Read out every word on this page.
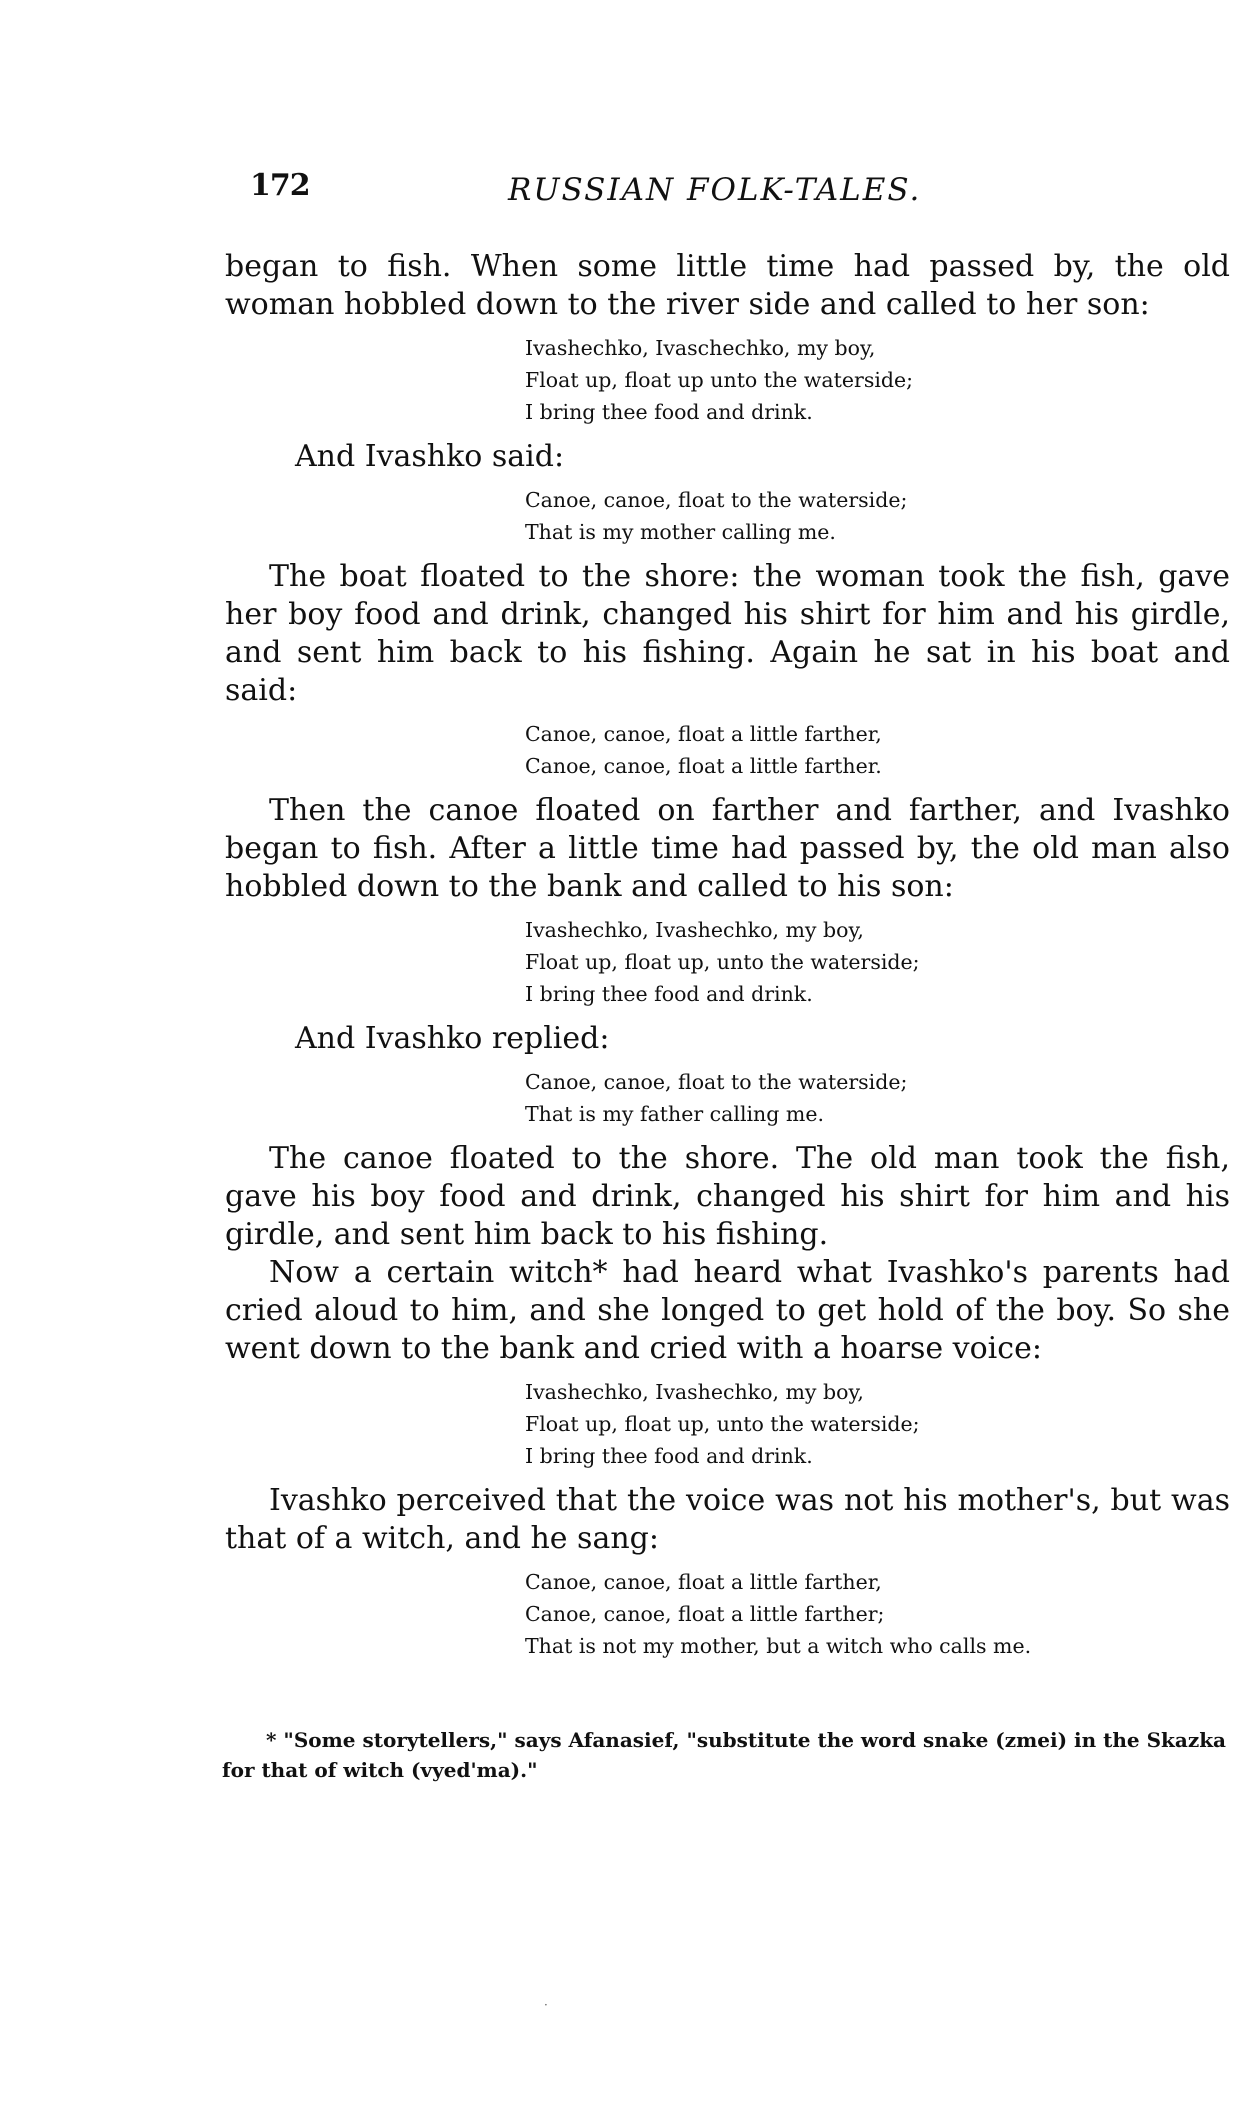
172	RUSSIAN FOLK-TALES.

began to fish. When some little time had passed by, the old woman hobbled down to the river side and called to her son:

Ivashechko, Ivaschechko, my boy,
Float up, float up unto the waterside;
I bring thee food and drink.

And Ivashko said:

Canoe, canoe, float to the waterside;
That is my mother calling me.

The boat floated to the shore: the woman took the fish, gave her boy food and drink, changed his shirt for him and his girdle, and sent him back to his fishing. Again he sat in his boat and said:

Canoe, canoe, float a little farther,
Canoe, canoe, float a little farther.

Then the canoe floated on farther and farther, and Ivashko began to fish. After a little time had passed by, the old man also hobbled down to the bank and called to his son:

Ivashechko, Ivashechko, my boy,
Float up, float up, unto the waterside;
I bring thee food and drink.

And Ivashko replied:

Canoe, canoe, float to the waterside;
That is my father calling me.

The canoe floated to the shore. The old man took the fish, gave his boy food and drink, changed his shirt for him and his girdle, and sent him back to his fishing.

Now a certain witch* had heard what Ivashko's parents had cried aloud to him, and she longed to get hold of the boy. So she went down to the bank and cried with a hoarse voice:

Ivashechko, Ivashechko, my boy,
Float up, float up, unto the waterside;
I bring thee food and drink.

Ivashko perceived that the voice was not his mother's, but was that of a witch, and he sang:

Canoe, canoe, float a little farther,
Canoe, canoe, float a little farther;
That is not my mother, but a witch who calls me.
* "Some storytellers," says Afanasief, "substitute the word snake (zmei) in the Skazka for that of witch (vyed'ma)."
·
